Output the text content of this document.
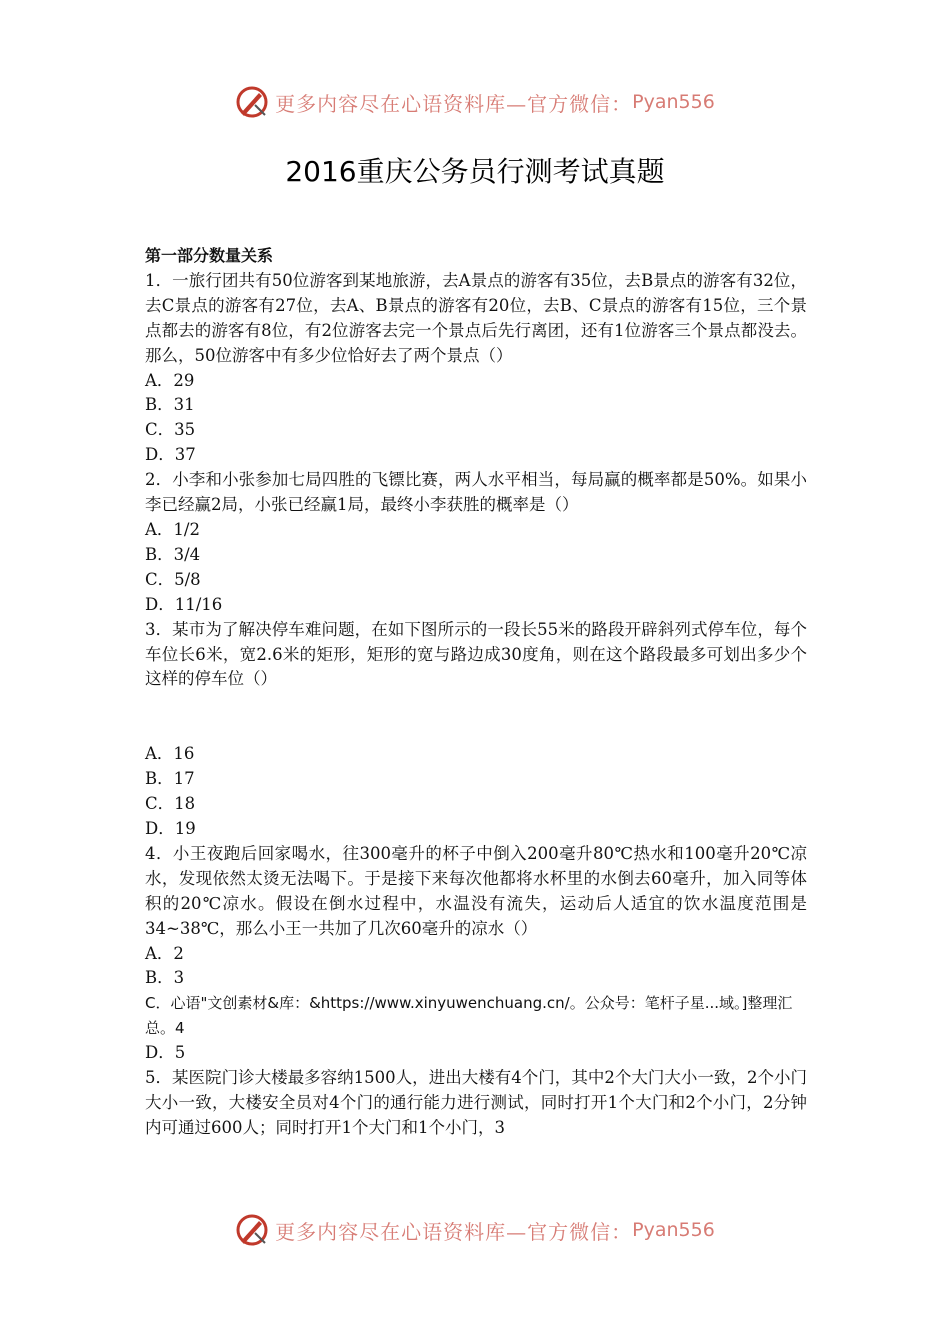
更多内容尽在心语资料库—官方微信： Pyan556
2016重庆公务员行测考试真题
第一部分数量关系
1．一旅行团共有50位游客到某地旅游，去A景点的游客有35位，去B景点的游客有32位，去C景点的游客有27位，去A、B景点的游客有20位，去B、C景点的游客有15位，三个景点都去的游客有8位，有2位游客去完一个景点后先行离团，还有1位游客三个景点都没去。那么，50位游客中有多少位恰好去了两个景点（）
A．29
B．31
C．35
D．37
2．小李和小张参加七局四胜的飞镖比赛，两人水平相当，每局赢的概率都是50%。如果小李已经赢2局，小张已经赢1局，最终小李获胜的概率是（）
A．1/2
B．3/4
C．5/8
D．11/16
3．某市为了解决停车难问题，在如下图所示的一段长55米的路段开辟斜列式停车位，每个车位长6米，宽2.6米的矩形，矩形的宽与路边成30度角，则在这个路段最多可划出多少个这样的停车位（）
A．16
B．17
C．18
D．19
4．小王夜跑后回家喝水，往300毫升的杯子中倒入200毫升80℃热水和100毫升20℃凉水，发现依然太烫无法喝下。于是接下来每次他都将水杯里的水倒去60毫升，加入同等体积的20℃凉水。假设在倒水过程中，水温没有流失，运动后人适宜的饮水温度范围是34~38℃，那么小王一共加了几次60毫升的凉水（）
A．2
B．3
C．心语"文创素材&库：&https://www.xinyuwenchuang.cn/。公众号：笔杆子星...域。]整理汇总。4
D．5
5．某医院门诊大楼最多容纳1500人，进出大楼有4个门，其中2个大门大小一致，2个小门大小一致，大楼安全员对4个门的通行能力进行测试，同时打开1个大门和2个小门，2分钟内可通过600人；同时打开1个大门和1个小门，3
更多内容尽在心语资料库—官方微信： Pyan556
